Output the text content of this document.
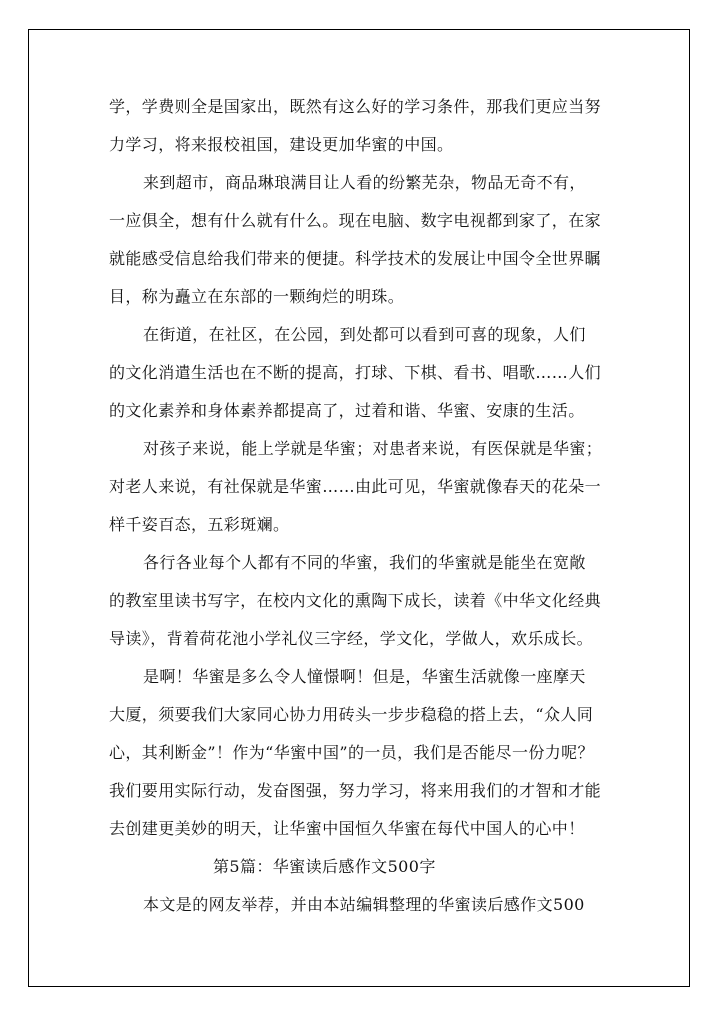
学，学费则全是国家出，既然有这么好的学习条件，那我们更应当努
力学习，将来报校祖国，建设更加华蜜的中国。
来到超市，商品琳琅满目让人看的纷繁芜杂，物品无奇不有，
一应俱全，想有什么就有什么。现在电脑、数字电视都到家了，在家
就能感受信息给我们带来的便捷。科学技术的发展让中国令全世界瞩
目，称为矗立在东部的一颗绚烂的明珠。
在街道，在社区，在公园，到处都可以看到可喜的现象，人们
的文化消遣生活也在不断的提高，打球、下棋、看书、唱歌……人们
的文化素养和身体素养都提高了，过着和谐、华蜜、安康的生活。
对孩子来说，能上学就是华蜜；对患者来说，有医保就是华蜜；
对老人来说，有社保就是华蜜……由此可见，华蜜就像春天的花朵一
样千姿百态，五彩斑斓。
各行各业每个人都有不同的华蜜，我们的华蜜就是能坐在宽敞
的教室里读书写字，在校内文化的熏陶下成长，读着《中华文化经典
导读》，背着荷花池小学礼仪三字经，学文化，学做人，欢乐成长。
是啊！华蜜是多么令人憧憬啊！但是，华蜜生活就像一座摩天
大厦，须要我们大家同心协力用砖头一步步稳稳的搭上去，“众人同
心，其利断金”！作为“华蜜中国”的一员，我们是否能尽一份力呢？
我们要用实际行动，发奋图强，努力学习，将来用我们的才智和才能
去创建更美妙的明天，让华蜜中国恒久华蜜在每代中国人的心中！
第5篇：华蜜读后感作文500字
本文是的网友举荐，并由本站编辑整理的华蜜读后感作文500
